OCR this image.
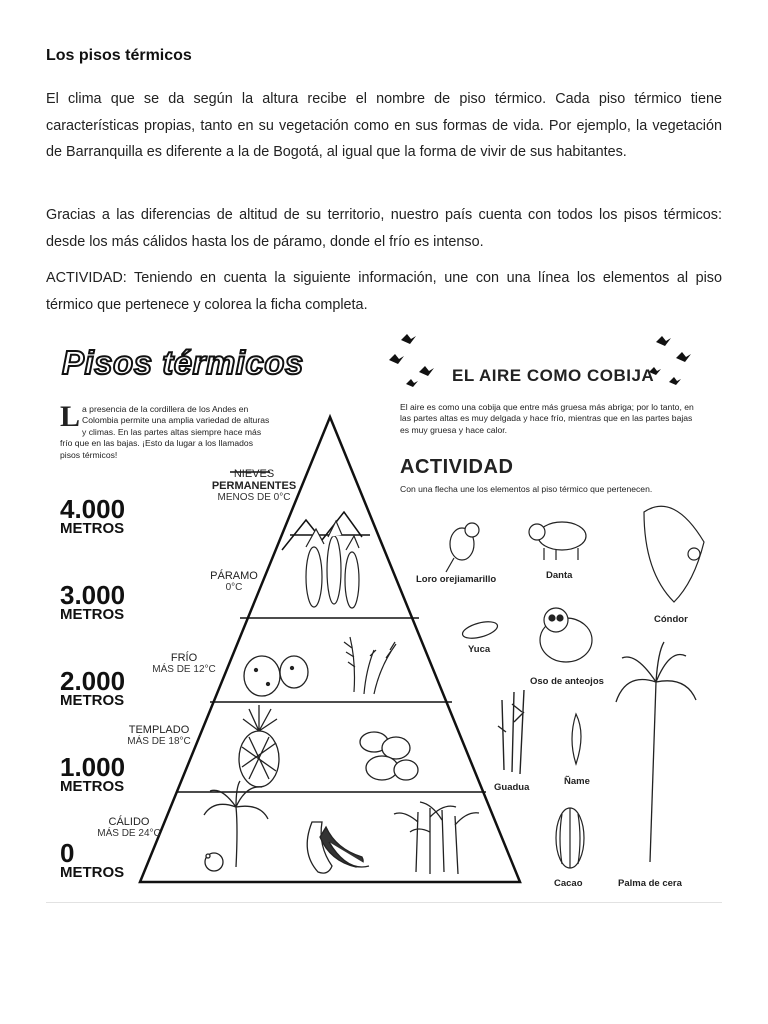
Los pisos térmicos

El clima que se da según la altura recibe el nombre de piso térmico. Cada piso térmico tiene características propias, tanto en su vegetación como en sus formas de vida. Por ejemplo, la vegetación de Barranquilla es diferente a la de Bogotá, al igual que la forma de vivir de sus habitantes.

Gracias a las diferencias de altitud de su territorio, nuestro país cuenta con todos los pisos térmicos: desde los más cálidos hasta los de páramo, donde el frío es intenso.

ACTIVIDAD: Teniendo en cuenta la siguiente información, une con una línea los elementos al piso térmico que pertenece y colorea la ficha completa.

Pisos térmicos
La presencia de la cordillera de los Andes en Colombia permite una amplia variedad de alturas y climas. En las partes altas siempre hace más frío que en las bajas. ¡Esto da lugar a los llamados pisos térmicos!
EL AIRE COMO COBIJA
El aire es como una cobija que entre más gruesa más abriga; por lo tanto, en las partes altas es muy delgada y hace frío, mientras que en las partes bajas es muy gruesa y hace calor.
ACTIVIDAD
Con una flecha une los elementos al piso térmico que pertenecen.
4.000
METROS
3.000
METROS
2.000
METROS
1.000
METROS
0
METROS
NIEVES
PERMANENTES
MENOS DE 0°C
PÁRAMO
0°C
FRÍO
MÁS DE 12°C
TEMPLADO
MÁS DE 18°C
CÁLIDO
MÁS DE 24°C
Loro orejiamarillo	Danta
Cóndor
Yuca
Oso de anteojos
Guadua
Ñame
Cacao	Palma de cera
